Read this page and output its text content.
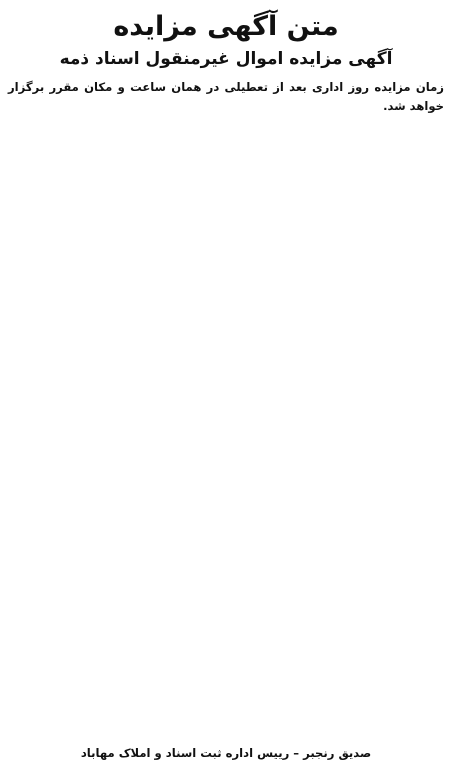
متن آگهی مزایده
آگهی مزایده اموال غیرمنقول اسناد ذمه

زمان مزایده روز اداری بعد از تعطیلی در همان ساعت و مکان مقرر برگزار خواهد شد.

صدیق رنجبر – رییس اداره ثبت اسناد و املاک مهاباد
